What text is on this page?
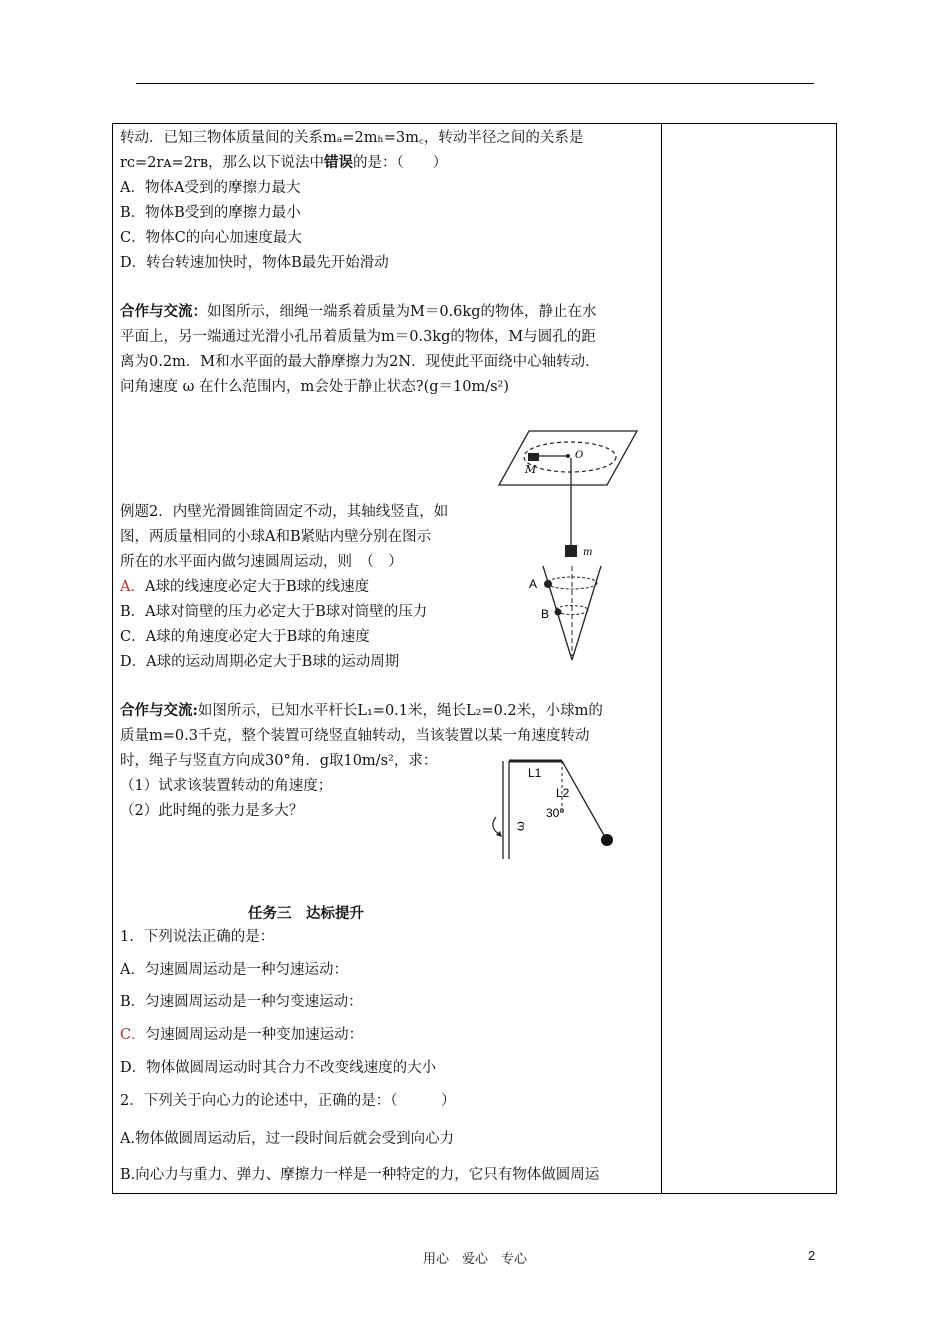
转动．已知三物体质量间的关系mₐ=2mₕ=3m꜀，转动半径之间的关系是
rᴄ=2rᴀ=2rʙ，那么以下说法中错误的是：（　　）
A．物体A受到的摩擦力最大
B．物体B受到的摩擦力最小
C．物体C的向心加速度最大
D．转台转速加快时，物体B最先开始滑动
合作与交流：如图所示，细绳一端系着质量为M＝0.6kg的物体，静止在水
平面上，另一端通过光滑小孔吊着质量为m＝0.3kg的物体，M与圆孔的距
离为0.2m．M和水平面的最大静摩擦力为2N．现使此平面绕中心轴转动．
问角速度 ω 在什么范围内，m会处于静止状态?(g＝10m/s²)
M
O
m
例题2．内壁光滑圆锥筒固定不动，其轴线竖直，如
图，两质量相同的小球A和B紧贴内壁分别在图示
所在的水平面内做匀速圆周运动，则　（　）
A．A球的线速度必定大于B球的线速度
B．A球对筒壁的压力必定大于B球对筒壁的压力
C．A球的角速度必定大于B球的角速度
D．A球的运动周期必定大于B球的运动周期
A
B
合作与交流:如图所示，已知水平杆长L₁=0.1米，绳长L₂=0.2米，小球m的
质量m=0.3千克，整个装置可绕竖直轴转动，当该装置以某一角速度转动
时，绳子与竖直方向成30°角．g取10m/s²，求：
（1）试求该装置转动的角速度；
（2）此时绳的张力是多大？
L1
L2
30⁰
ω
任务三　达标提升
1．下列说法正确的是：
A．匀速圆周运动是一种匀速运动：
B．匀速圆周运动是一种匀变速运动：
C．匀速圆周运动是一种变加速运动：
D．物体做圆周运动时其合力不改变线速度的大小
2．下列关于向心力的论述中，正确的是：（　　　）
A.物体做圆周运动后，过一段时间后就会受到向心力
B.向心力与重力、弹力、摩擦力一样是一种特定的力，它只有物体做圆周运
用心　爱心　专心	2
